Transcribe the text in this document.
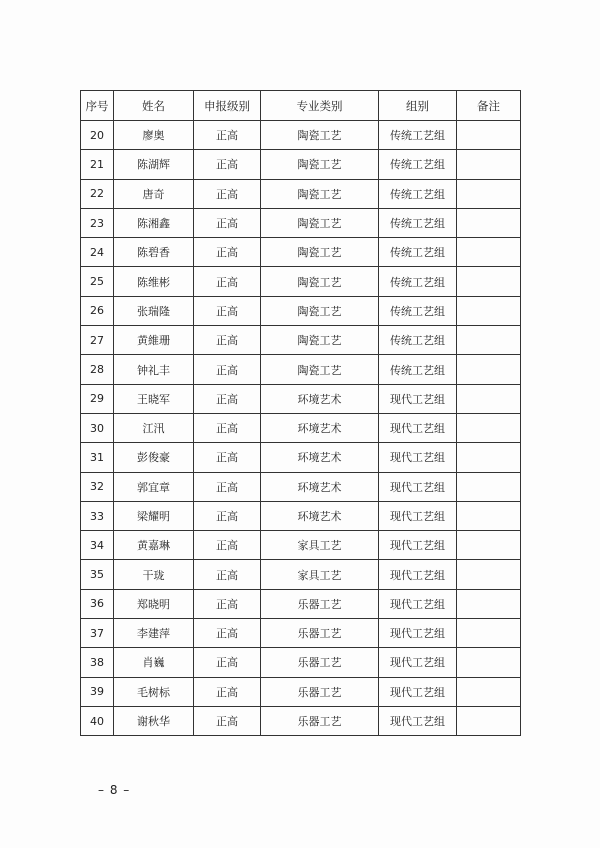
序号	姓名	申报级别	专业类别	组别	备注
20	廖奥	正高	陶瓷工艺	传统工艺组	
21	陈湖辉	正高	陶瓷工艺	传统工艺组	
22	唐奇	正高	陶瓷工艺	传统工艺组	
23	陈湘鑫	正高	陶瓷工艺	传统工艺组	
24	陈碧香	正高	陶瓷工艺	传统工艺组	
25	陈维彬	正高	陶瓷工艺	传统工艺组	
26	张瑞隆	正高	陶瓷工艺	传统工艺组	
27	黄維珊	正高	陶瓷工艺	传统工艺组	
28	钟礼丰	正高	陶瓷工艺	传统工艺组	
29	王晓军	正高	环境艺术	现代工艺组	
30	江汛	正高	环境艺术	现代工艺组	
31	彭俊豪	正高	环境艺术	现代工艺组	
32	郭宜章	正高	环境艺术	现代工艺组	
33	梁耀明	正高	环境艺术	现代工艺组	
34	黄嘉琳	正高	家具工艺	现代工艺组	
35	干珑	正高	家具工艺	现代工艺组	
36	郑晓明	正高	乐器工艺	现代工艺组	
37	李建萍	正高	乐器工艺	现代工艺组	
38	肖巍	正高	乐器工艺	现代工艺组	
39	毛树标	正高	乐器工艺	现代工艺组	
40	谢秋华	正高	乐器工艺	现代工艺组	
– 8 –
